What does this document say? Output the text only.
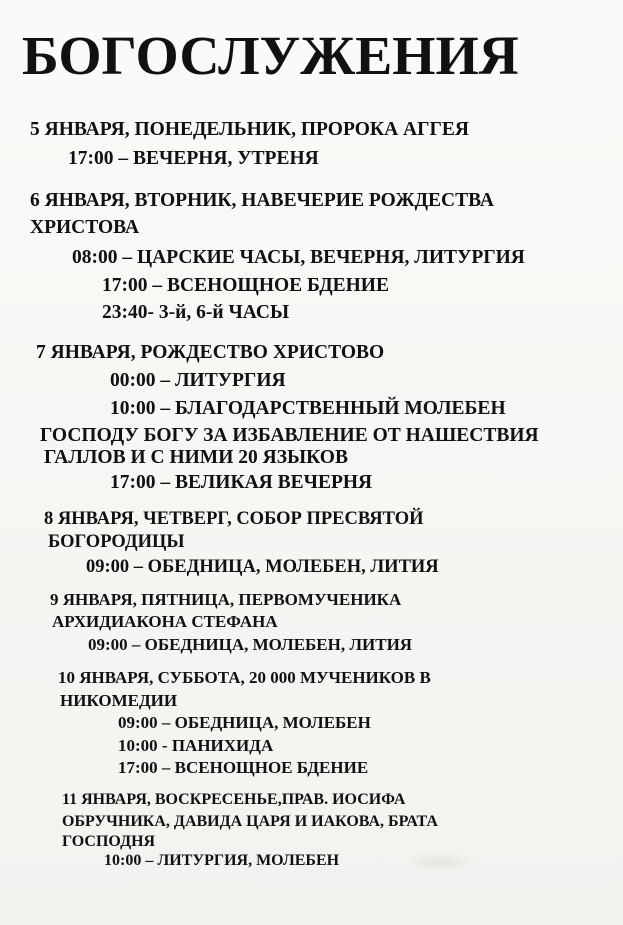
БОГОСЛУЖЕНИЯ
5 ЯНВАРЯ, ПОНЕДЕЛЬНИК, ПРОРОКА АГГЕЯ
17:00 – ВЕЧЕРНЯ, УТРЕНЯ
6 ЯНВАРЯ, ВТОРНИК, НАВЕЧЕРИЕ РОЖДЕСТВА
ХРИСТОВА
08:00 – ЦАРСКИЕ ЧАСЫ, ВЕЧЕРНЯ, ЛИТУРГИЯ
17:00 – ВСЕНОЩНОЕ БДЕНИЕ
23:40- 3-й, 6-й ЧАСЫ
7 ЯНВАРЯ, РОЖДЕСТВО ХРИСТОВО
00:00 – ЛИТУРГИЯ
10:00 – БЛАГОДАРСТВЕННЫЙ МОЛЕБЕН
ГОСПОДУ БОГУ ЗА ИЗБАВЛЕНИЕ ОТ НАШЕСТВИЯ
ГАЛЛОВ И С НИМИ 20 ЯЗЫКОВ
17:00 – ВЕЛИКАЯ ВЕЧЕРНЯ
8 ЯНВАРЯ, ЧЕТВЕРГ, СОБОР ПРЕСВЯТОЙ
БОГОРОДИЦЫ
09:00 – ОБЕДНИЦА, МОЛЕБЕН, ЛИТИЯ
9 ЯНВАРЯ, ПЯТНИЦА, ПЕРВОМУЧЕНИКА
АРХИДИАКОНА СТЕФАНА
09:00 – ОБЕДНИЦА, МОЛЕБЕН, ЛИТИЯ
10 ЯНВАРЯ, СУББОТА, 20 000 МУЧЕНИКОВ В
НИКОМЕДИИ
09:00 – ОБЕДНИЦА, МОЛЕБЕН
10:00 - ПАНИХИДА
17:00 – ВСЕНОЩНОЕ БДЕНИЕ
11 ЯНВАРЯ, ВОСКРЕСЕНЬЕ,ПРАВ. ИОСИФА
ОБРУЧНИКА, ДАВИДА ЦАРЯ И ИАКОВА, БРАТА
ГОСПОДНЯ
10:00 – ЛИТУРГИЯ, МОЛЕБЕН
